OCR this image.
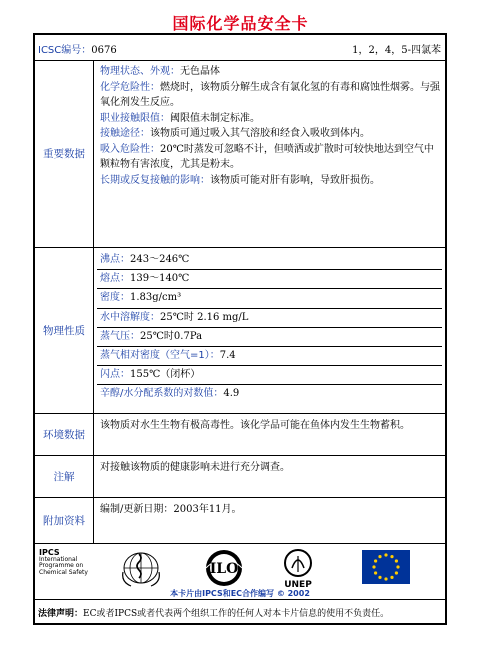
国际化学品安全卡
ICSC编号：0676	1，2，4，5-四氯苯
重要数据
物理状态、外观：无色晶体
化学危险性：燃烧时，该物质分解生成含有氯化氢的有毒和腐蚀性烟雾。与强氧化剂发生反应。
职业接触限值：阈限值未制定标准。
接触途径：该物质可通过吸入其气溶胶和经食入吸收到体内。
吸入危险性：20℃时蒸发可忽略不计，但喷洒或扩散时可较快地达到空气中颗粒物有害浓度，尤其是粉末。
长期或反复接触的影响：该物质可能对肝有影响，导致肝损伤。
物理性质
沸点：243～246℃
熔点：139～140℃
密度：1.83g/cm³
水中溶解度：25℃时 2.16 mg/L
蒸气压：25℃时0.7Pa
蒸气相对密度（空气=1）：7.4
闪点：155℃（闭杯）
辛醇/水分配系数的对数值：4.9
环境数据
该物质对水生生物有极高毒性。该化学品可能在鱼体内发生生物蓄积。
注解
对接触该物质的健康影响未进行充分调查。
附加资料
编制/更新日期：2003年11月。
IPCS
International
Programme on
Chemical Safety	ILO
UNEP
本卡片由IPCS和EC合作编写 © 2002
法律声明：EC或者IPCS或者代表两个组织工作的任何人对本卡片信息的使用不负责任。
